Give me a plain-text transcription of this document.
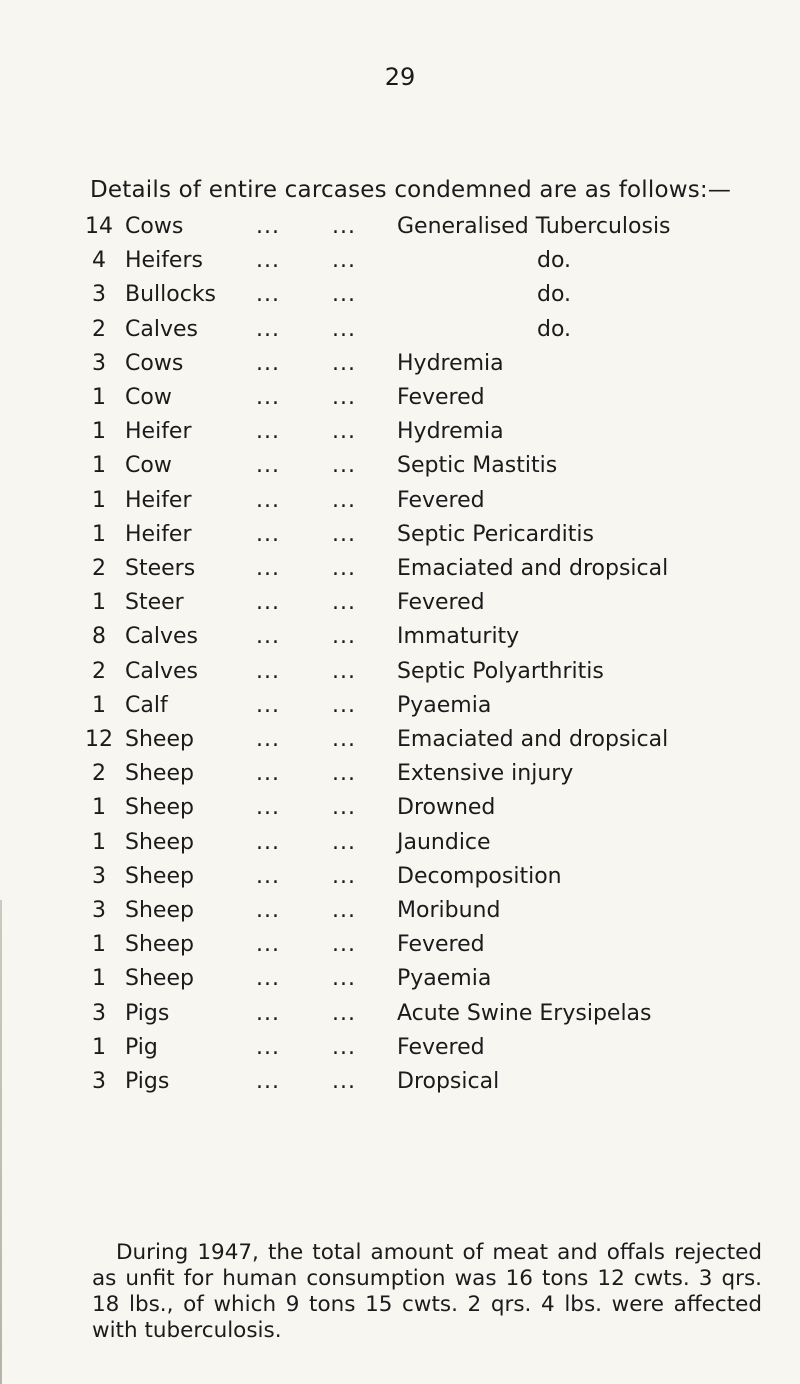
29
Details of entire carcases condemned are as follows:—
14 Cows	... ... Generalised Tuberculosis
4 Heifers ... ...	do.
3 Bullocks ... ...	do.
2 Calves	... ...	do.
3 Cows	... ... Hydremia
1 Cow	... ... Fevered
1 Heifer	... ... Hydremia
1 Cow	... ... Septic Mastitis
1 Heifer	... ... Fevered
1 Heifer	... ... Septic Pericarditis
2 Steers	... ... Emaciated and dropsical
1 Steer	... ... Fevered
8 Calves	... ... Immaturity
2 Calves	... ... Septic Polyarthritis
1 Calf	... ... Pyaemia
12 Sheep	... ... Emaciated and dropsical
2 Sheep	... ... Extensive injury
1 Sheep	... ... Drowned
1 Sheep	... ... Jaundice
3 Sheep	... ... Decomposition
3 Sheep	... ... Moribund
1 Sheep	... ... Fevered
1 Sheep	... ... Pyaemia
3 Pigs	... ... Acute Swine Erysipelas
1 Pig	... ... Fevered
3 Pigs	... ... Dropsical
During 1947, the total amount of meat and offals rejected as unfit for human consumption was 16 tons 12 cwts. 3 qrs. 18 lbs., of which 9 tons 15 cwts. 2 qrs. 4 lbs. were affected with tuberculosis.
